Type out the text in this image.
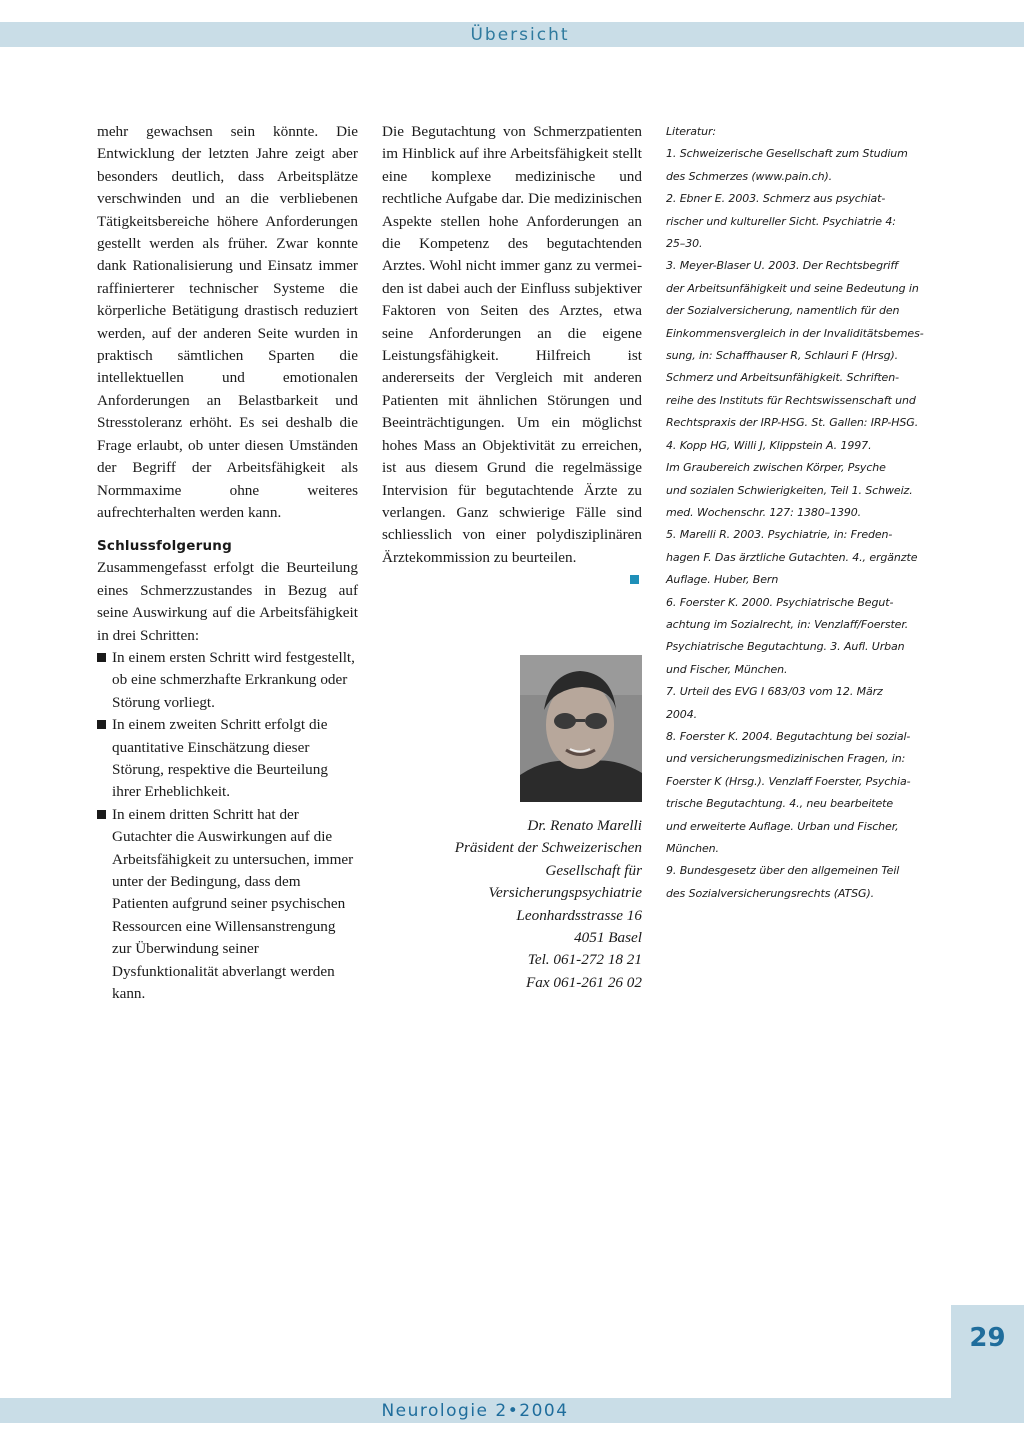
Übersicht

mehr gewachsen sein könnte. Die Entwicklung der letzten Jahre zeigt aber besonders deutlich, dass Arbeitsplätze verschwinden und an die verbliebenen Tätigkeitsbereiche höhere Anforderungen gestellt werden als früher. Zwar konnte dank Rationalisierung und Einsatz immer raffinierterer technischer Systeme die körperliche Betätigung drastisch reduziert werden, auf der anderen Seite wurden in praktisch sämtlichen Sparten die intellektuellen und emotionalen Anforderungen an Belastbarkeit und Stresstoleranz erhöht. Es sei deshalb die Frage erlaubt, ob unter diesen Umständen der Begriff der Arbeitsfähigkeit als Normmaxime ohne weiteres aufrechterhalten werden kann.

Schlussfolgerung

Zusammengefasst erfolgt die Beurteilung eines Schmerzzustandes in Bezug auf seine Auswirkung auf die Arbeitsfähigkeit in drei Schritten:

In einem ersten Schritt wird festgestellt, ob eine schmerzhafte Erkrankung oder Störung vorliegt.
In einem zweiten Schritt erfolgt die quantitative Einschätzung dieser Störung, respektive die Beurteilung ihrer Erheblichkeit.
In einem dritten Schritt hat der Gutachter die Auswirkungen auf die Arbeitsfähigkeit zu untersuchen, immer unter der Bedingung, dass dem Patienten aufgrund seiner psychischen Ressourcen eine Willensanstrengung zur Überwindung seiner Dysfunktionalität abverlangt werden kann.

Die Begutachtung von Schmerzpatienten im Hinblick auf ihre Arbeitsfähigkeit stellt eine komplexe medizinische und rechtliche Aufgabe dar. Die medizinischen Aspekte stellen hohe Anforderungen an die Kompetenz des begutachtenden Arztes. Wohl nicht immer ganz zu vermeiden ist dabei auch der Einfluss subjektiver Faktoren von Seiten des Arztes, etwa seine Anforderungen an die eigene Leistungsfähigkeit. Hilfreich ist andererseits der Vergleich mit anderen Patienten mit ähnlichen Störungen und Beeinträchtigungen. Um ein möglichst hohes Mass an Objektivität zu erreichen, ist aus diesem Grund die regelmässige Intervision für begutachtende Ärzte zu verlangen. Ganz schwierige Fälle sind schliesslich von einer polydisziplinären Ärztekommission zu beurteilen.

Dr. Renato Marelli
Präsident der Schweizerischen
Gesellschaft für
Versicherungspsychiatrie
Leonhardsstrasse 16
4051 Basel
Tel. 061-272 18 21
Fax 061-261 26 02
Literatur:
1. Schweizerische Gesellschaft zum Studium
des Schmerzes (www.pain.ch).
2. Ebner E. 2003. Schmerz aus psychiat-
rischer und kultureller Sicht. Psychiatrie 4:
25–30.
3. Meyer-Blaser U. 2003. Der Rechtsbegriff
der Arbeitsunfähigkeit und seine Bedeutung in
der Sozialversicherung, namentlich für den
Einkommensvergleich in der Invaliditätsbemes-
sung, in: Schaffhauser R, Schlauri F (Hrsg).
Schmerz und Arbeitsunfähigkeit. Schriften-
reihe des Instituts für Rechtswissenschaft und
Rechtspraxis der IRP-HSG. St. Gallen: IRP-HSG.
4. Kopp HG, Willi J, Klippstein A. 1997.
Im Graubereich zwischen Körper, Psyche
und sozialen Schwierigkeiten, Teil 1. Schweiz.
med. Wochenschr. 127: 1380–1390.
5. Marelli R. 2003. Psychiatrie, in: Freden-
hagen F. Das ärztliche Gutachten. 4., ergänzte
Auflage. Huber, Bern
6. Foerster K. 2000. Psychiatrische Begut-
achtung im Sozialrecht, in: Venzlaff/Foerster.
Psychiatrische Begutachtung. 3. Aufl. Urban
und Fischer, München.
7. Urteil des EVG I 683/03 vom 12. März
2004.
8. Foerster K. 2004. Begutachtung bei sozial-
und versicherungsmedizinischen Fragen, in:
Foerster K (Hrsg.). Venzlaff Foerster, Psychia-
trische Begutachtung. 4., neu bearbeitete
und erweiterte Auflage. Urban und Fischer,
München.
9. Bundesgesetz über den allgemeinen Teil
des Sozialversicherungsrechts (ATSG).
29
Neurologie 2•2004
